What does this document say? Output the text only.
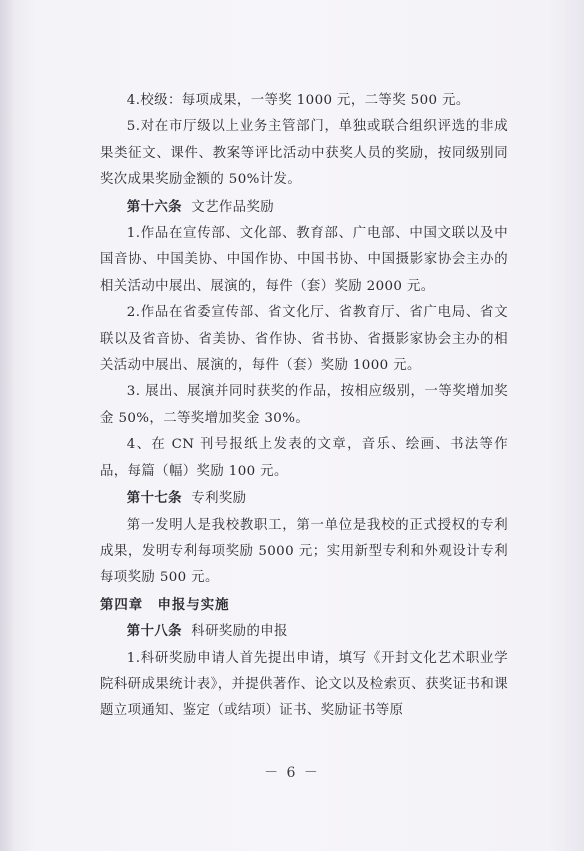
4.校级：每项成果，一等奖 1000 元，二等奖 500 元。

5.对在市厅级以上业务主管部门，单独或联合组织评选的非成果类征文、课件、教案等评比活动中获奖人员的奖励，按同级别同奖次成果奖励金额的 50%计发。

第十六条 文艺作品奖励

1.作品在宣传部、文化部、教育部、广电部、中国文联以及中国音协、中国美协、中国作协、中国书协、中国摄影家协会主办的相关活动中展出、展演的，每件（套）奖励 2000 元。

2.作品在省委宣传部、省文化厅、省教育厅、省广电局、省文联以及省音协、省美协、省作协、省书协、省摄影家协会主办的相关活动中展出、展演的，每件（套）奖励 1000 元。

3. 展出、展演并同时获奖的作品，按相应级别，一等奖增加奖金 50%，二等奖增加奖金 30%。

4、在 CN 刊号报纸上发表的文章，音乐、绘画、书法等作品，每篇（幅）奖励 100 元。

第十七条 专利奖励

第一发明人是我校教职工，第一单位是我校的正式授权的专利成果，发明专利每项奖励 5000 元；实用新型专利和外观设计专利每项奖励 500 元。

第四章　申报与实施

第十八条 科研奖励的申报

1.科研奖励申请人首先提出申请，填写《开封文化艺术职业学院科研成果统计表》，并提供著作、论文以及检索页、获奖证书和课题立项通知、鉴定（或结项）证书、奖励证书等原

－ 6 －
